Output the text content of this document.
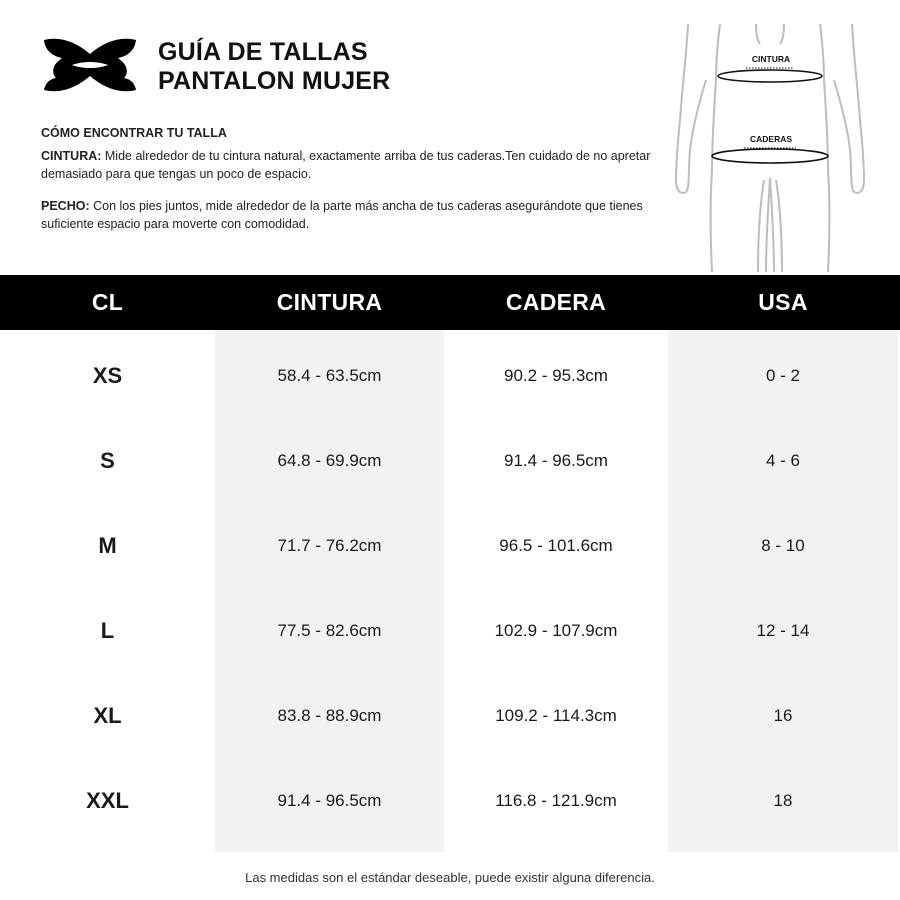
GUÍA DE TALLAS
PANTALON MUJER
CÓMO ENCONTRAR TU TALLA

CINTURA: Mide alrededor de tu cintura natural, exactamente arriba de tus caderas.Ten cuidado de no apretar demasiado para que tengas un poco de espacio.

PECHO: Con los pies juntos, mide alrededor de la parte más ancha de tus caderas asegurándote que tienes suficiente espacio para moverte con comodidad.

CINTURA
CADERAS
CL	CINTURA	CADERA	USA
XS	58.4 - 63.5cm	90.2 - 95.3cm	0 - 2
S	64.8 - 69.9cm	91.4 - 96.5cm	4 - 6
M	71.7 - 76.2cm	96.5 - 101.6cm	8 - 10
L	77.5 - 82.6cm	102.9 - 107.9cm	12 - 14
XL	83.8 - 88.9cm	109.2 - 114.3cm	16
XXL	91.4 - 96.5cm	116.8 - 121.9cm	18
Las medidas son el estándar deseable, puede existir alguna diferencia.
